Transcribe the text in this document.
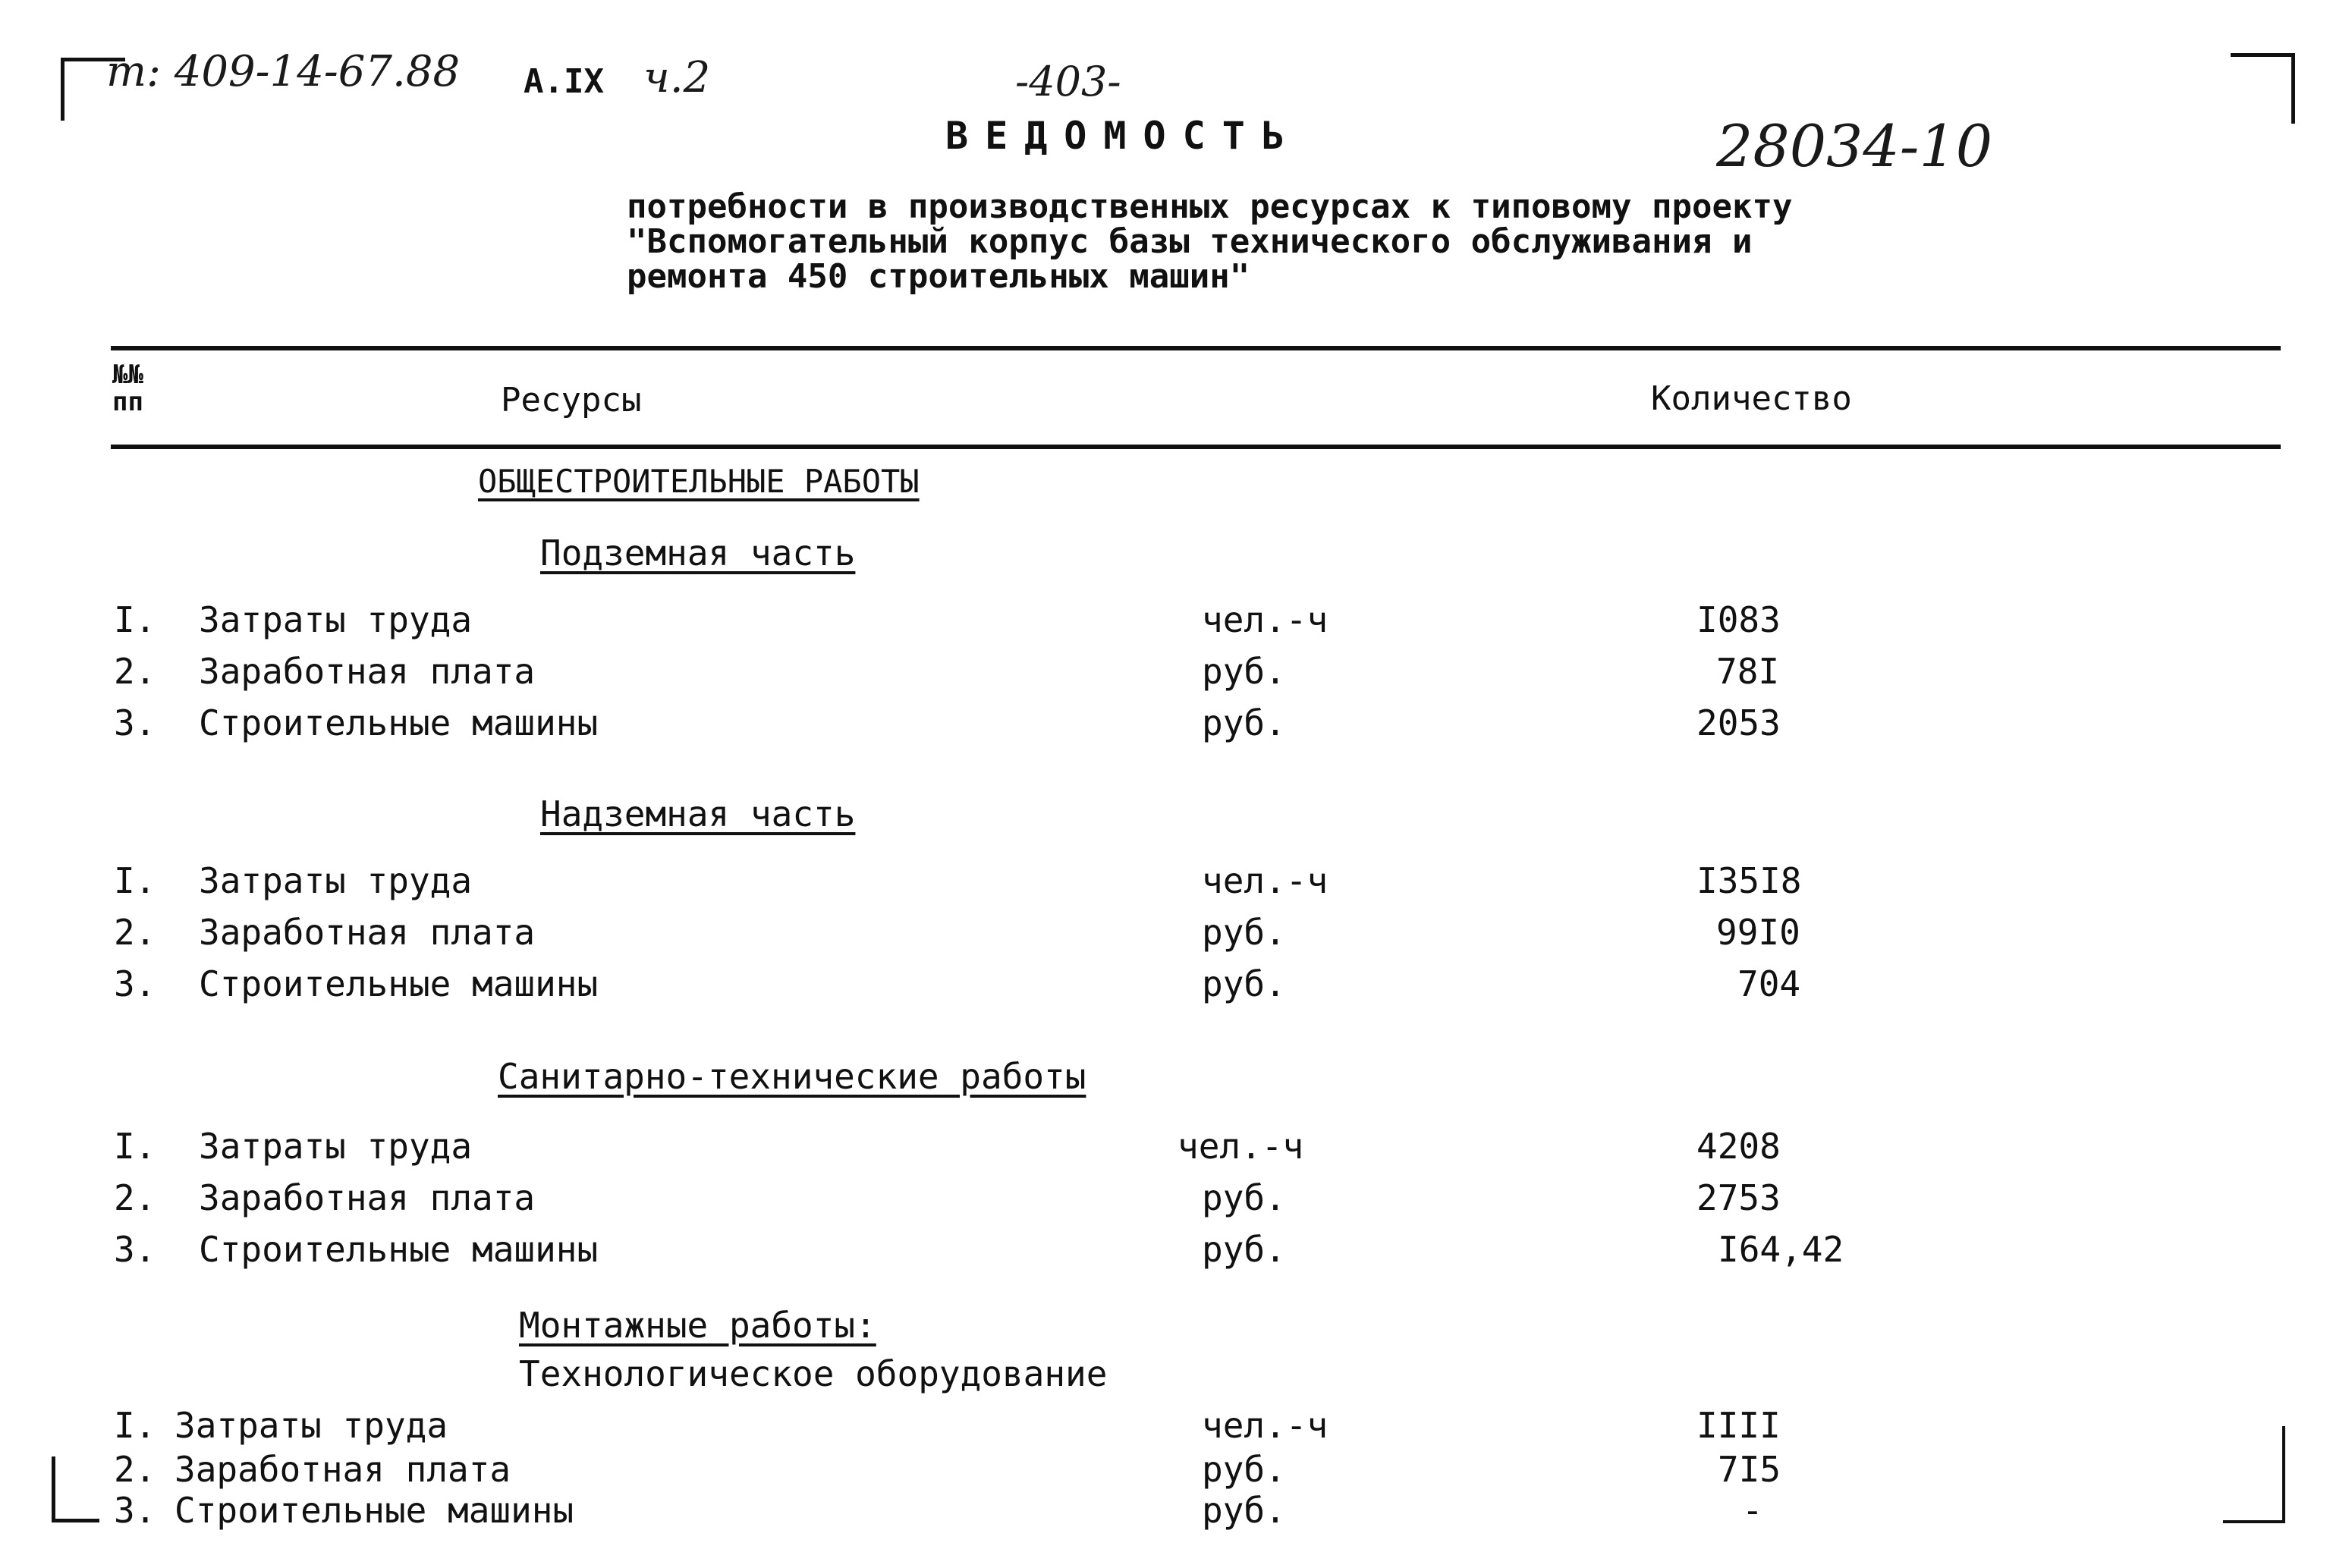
т: 409-14-67.88 А.IX ч.2	-403-
28034-10
ВЕДОМОСТЬ
потребности в производственных ресурсах к типовому проекту
"Вспомогательный корпус базы технического обслуживания и
ремонта 450 строительных машин"
№№
пп	Ресурсы	Количество
ОБЩЕСТРОИТЕЛЬНЫЕ РАБОТЫ
Подземная часть
I. Затраты труда	чел.-ч	I083
2. Заработная плата	руб.	78I
3. Строительные машины	руб.	2053
Надземная часть
I. Затраты труда	чел.-ч	I35I8
2. Заработная плата	руб.	99I0
3. Строительные машины	руб.	704
Санитарно-технические работы
I. Затраты труда	чел.-ч	4208
2. Заработная плата	руб.	2753
3. Строительные машины	руб.	I64,42
Монтажные работы:
Технологическое оборудование
I. Затраты труда	чел.-ч	IIII
2. Заработная плата	руб.	7I5
3. Строительные машины	руб.	-
